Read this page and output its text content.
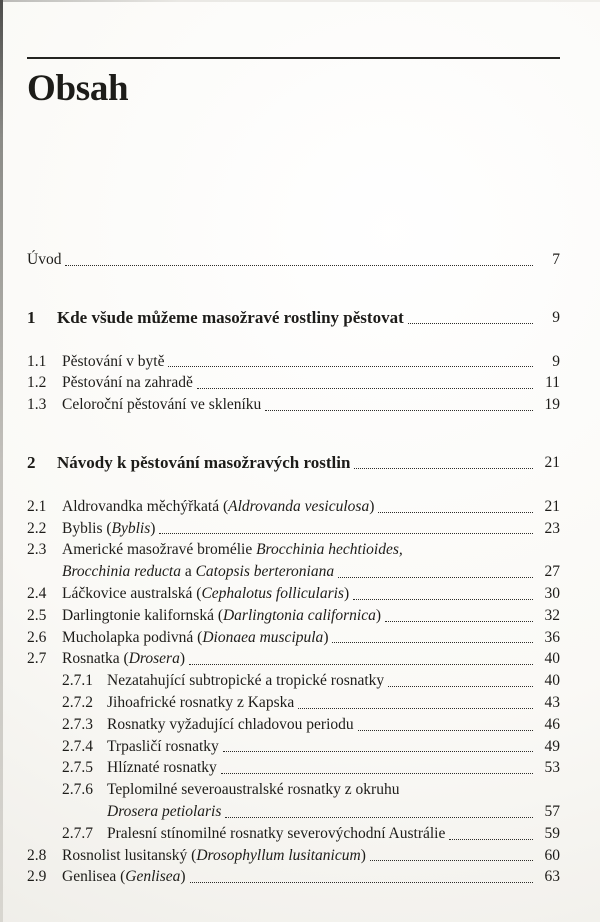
Obsah
Úvod	7
1	Kde všude můžeme masožravé rostliny pěstovat	9
1.1	Pěstování v bytě	9
1.2	Pěstování na zahradě	11
1.3	Celoroční pěstování ve skleníku	19
2	Návody k pěstování masožravých rostlin	21
2.1	Aldrovandka měchýřkatá (Aldrovanda vesiculosa)	21
2.2	Byblis (Byblis)	23
2.3	Americké masožravé bromélie Brocchinia hechtioides,
Brocchinia reducta a Catopsis berteroniana	27
2.4	Láčkovice australská (Cephalotus follicularis)	30
2.5	Darlingtonie kalifornská (Darlingtonia californica)	32
2.6	Mucholapka podivná (Dionaea muscipula)	36
2.7	Rosnatka (Drosera)	40
2.7.1 Nezatahující subtropické a tropické rosnatky	40
2.7.2 Jihoafrické rosnatky z Kapska	43
2.7.3 Rosnatky vyžadující chladovou periodu	46
2.7.4 Trpasličí rosnatky	49
2.7.5 Hlíznaté rosnatky	53
2.7.6 Teplomilné severoaustralské rosnatky z okruhu
Drosera petiolaris	57
2.7.7 Pralesní stínomilné rosnatky severovýchodní Austrálie	59
2.8	Rosnolist lusitanský (Drosophyllum lusitanicum)	60
2.9	Genlisea (Genlisea)	63
